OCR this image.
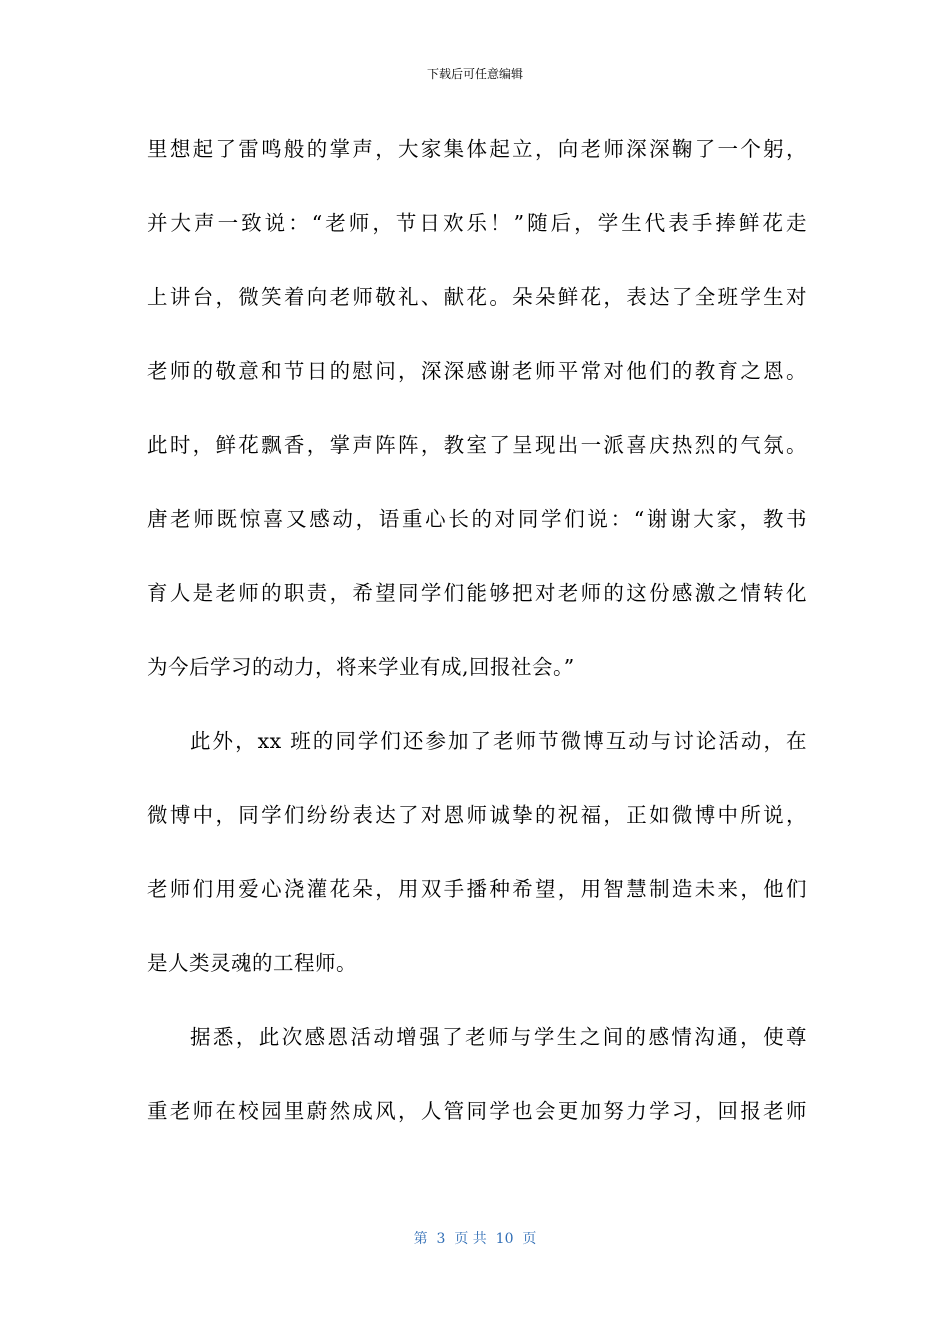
下载后可任意编辑
里想起了雷鸣般的掌声，大家集体起立，向老师深深鞠了一个躬，
并大声一致说：“老师，节日欢乐！”随后，学生代表手捧鲜花走
上讲台，微笑着向老师敬礼、献花。朵朵鲜花，表达了全班学生对
老师的敬意和节日的慰问，深深感谢老师平常对他们的教育之恩。
此时，鲜花飘香，掌声阵阵，教室了呈现出一派喜庆热烈的气氛。
唐老师既惊喜又感动，语重心长的对同学们说：“谢谢大家，教书
育人是老师的职责，希望同学们能够把对老师的这份感激之情转化
为今后学习的动力，将来学业有成,回报社会。”
此外，xx 班的同学们还参加了老师节微博互动与讨论活动，在
微博中，同学们纷纷表达了对恩师诚挚的祝福，正如微博中所说，
老师们用爱心浇灌花朵，用双手播种希望，用智慧制造未来，他们
是人类灵魂的工程师。
据悉，此次感恩活动增强了老师与学生之间的感情沟通，使尊
重老师在校园里蔚然成风，人管同学也会更加努力学习，回报老师
第  3  页 共  10  页
